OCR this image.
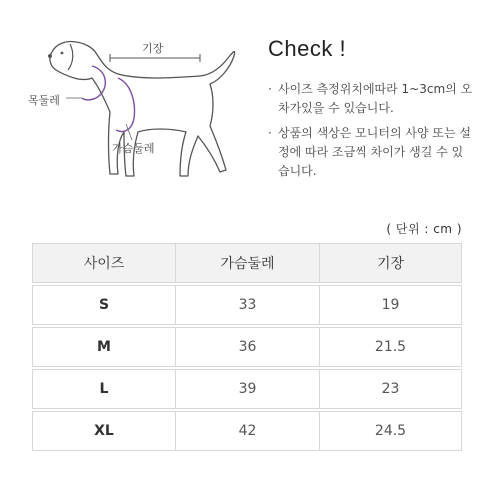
기장
목둘레
가슴둘레
Check !
· 사이즈 측정위치에따라 1~3cm의 오차가있을 수 있습니다.
· 상품의 색상은 모니터의 사양 또는 설정에 따라 조금씩 차이가 생길 수 있습니다.
( 단위 : cm )
사이즈	가슴둘레	기장
S	33	19
M	36	21.5
L	39	23
XL	42	24.5
